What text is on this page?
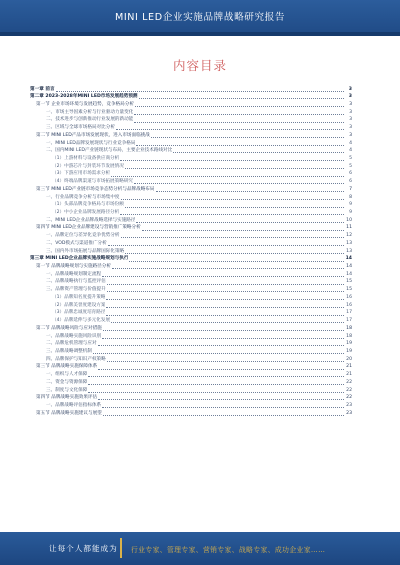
MINI LED企业实施品牌战略研究报告
内容目录
第一章 前言	3
第二章 2023-2028年MINI LED市场发展趋势预测	3
第一节 企业市场环境与发展趋势，竞争格局分析	3
一、市场主导因素分析与行业驱动力量变化	3
二、技术进步与创新推动行业发展的新动能	3
三、区域与全球市场格局对比分析	3
第二节 MINI LED产品市场发展现状，进入市场面临挑战	3
一、MINI LED品牌发展现状与行业竞争格局	4
二、国内MINI LED产业链现状与布局，主要企业技术路线对比	4
（1）上游材料与设备供应商分析	5
（2）中游芯片与封装环节发展情况	5
（3）下游应用市场需求分析	6
（4）终端品牌渠道与市场拓展策略研究	6
第三节 MINI LED产业链市场竞争态势分析与品牌战略布局	7
一、行业品牌竞争分析与市场集中度	8
（1）头部品牌竞争格局与市场份额	9
（2）中小企业品牌发展路径分析	9
二、MINI LED企业品牌战略选择与实施路径	10
第四节 MINI LED企业品牌建设与营销推广策略分析	11
一、品牌定位与差异化竞争优势分析	12
二、VOD模式与渠道推广分析	13
三、国内外市场拓展与品牌国际化策略	13
第三章 MINI LED企业品牌实施战略规划与执行	14
第一节 品牌战略规划与实施路径分析	14
一、品牌战略规划制定流程	14
二、品牌战略执行与监控评估	15
三、品牌资产管理与价值提升	15
（1）品牌知名度提升策略	16
（2）品牌美誉度建设方案	16
（3）品牌忠诚度培育路径	17
（4）品牌延伸与多元化发展	17
第二节 品牌战略风险与应对措施	18
一、品牌战略实施风险识别	18
二、品牌危机管理与应对	19
三、品牌战略调整机制	19
四、品牌保护与知识产权策略	20
第三节 品牌战略实施保障体系	21
一、组织与人才保障	21
二、资金与资源保障	22
三、制度与文化保障	22
第四节 品牌战略实施效果评估	22
一、品牌战略评估指标体系	23
第五节 品牌战略实施建议与展望	23
让每个人都能成为 行业专家、管理专家、营销专家、战略专家、成功企业家……
